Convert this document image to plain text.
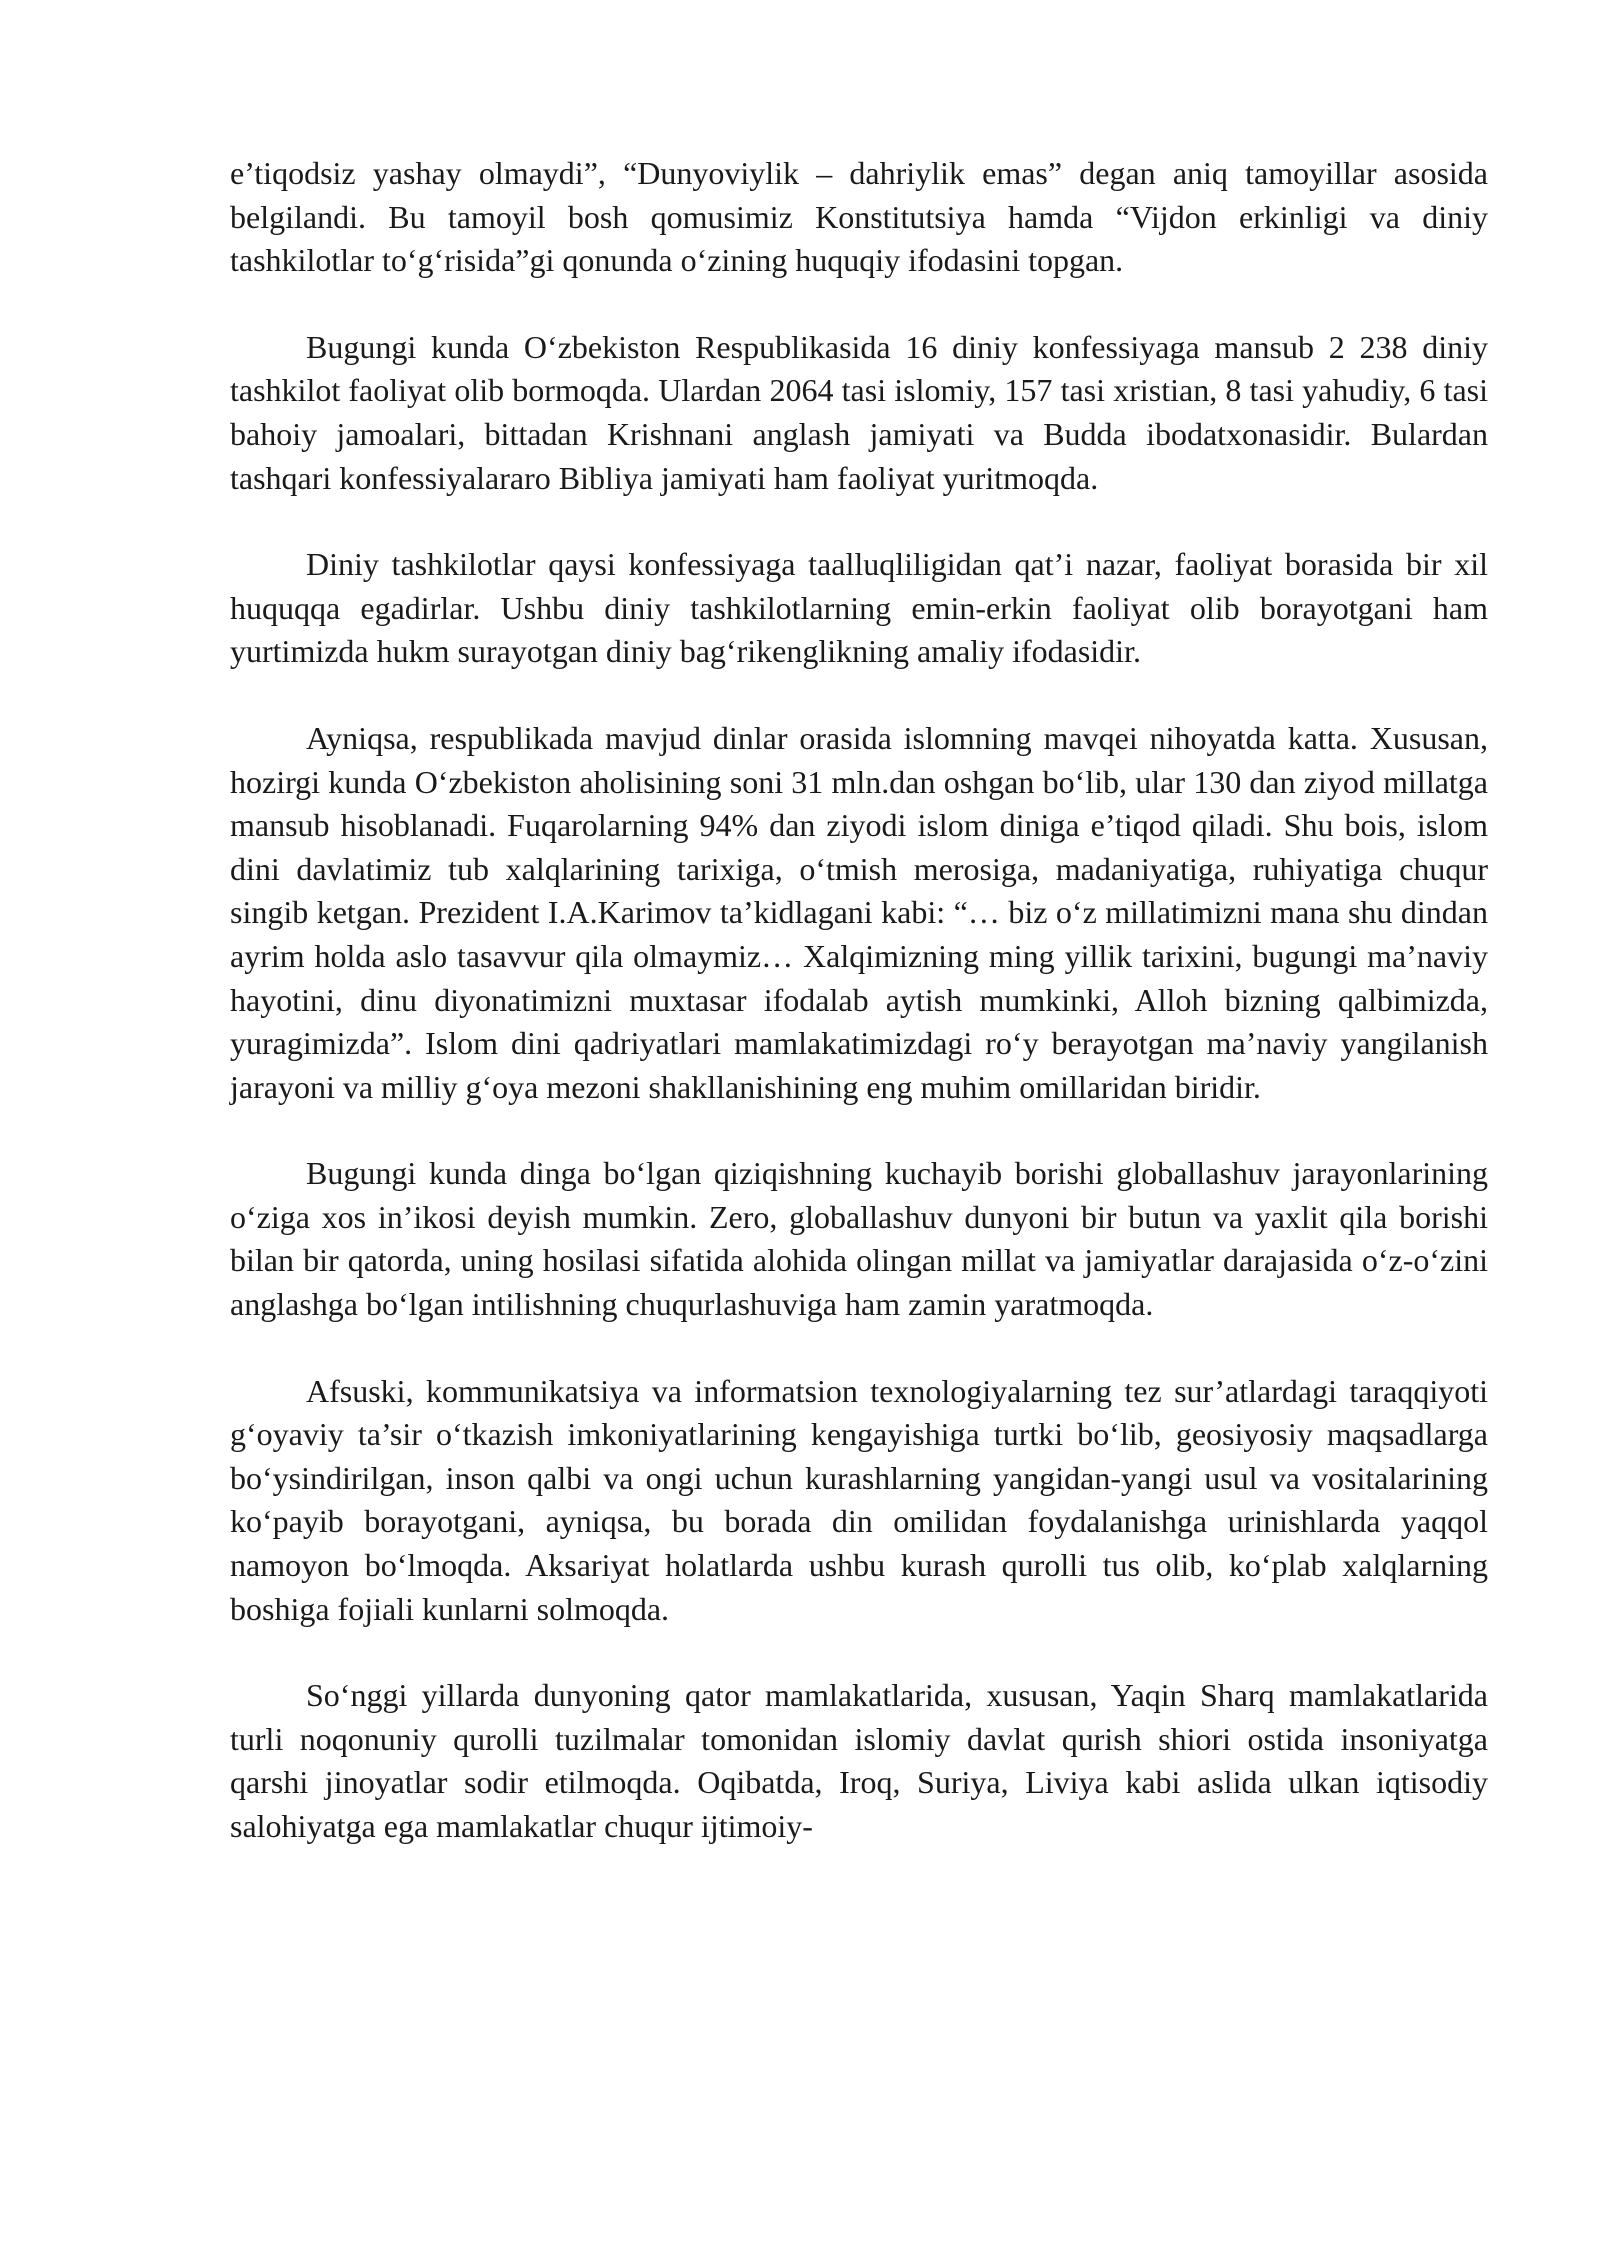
e’tiqodsiz yashay olmaydi”, “Dunyoviylik – dahriylik emas” degan aniq tamoyillar asosida belgilandi. Bu tamoyil bosh qomusimiz Konstitutsiya hamda “Vijdon erkinligi va diniy tashkilotlar to‘g‘risida”gi qonunda o‘zining huquqiy ifodasini topgan.

Bugungi kunda O‘zbekiston Respublikasida 16 diniy konfessiyaga mansub 2 238 diniy tashkilot faoliyat olib bormoqda. Ulardan 2064 tasi islomiy, 157 tasi xristian, 8 tasi yahudiy, 6 tasi bahoiy jamoalari, bittadan Krishnani anglash jamiyati va Budda ibodatxonasidir. Bulardan tashqari konfessiyalararo Bibliya jamiyati ham faoliyat yuritmoqda.

Diniy tashkilotlar qaysi konfessiyaga taalluqliligidan qat’i nazar, faoliyat borasida bir xil huquqqa egadirlar. Ushbu diniy tashkilotlarning emin-erkin faoliyat olib borayotgani ham yurtimizda hukm surayotgan diniy bag‘rikenglikning amaliy ifodasidir.

Ayniqsa, respublikada mavjud dinlar orasida islomning mavqei nihoyatda katta. Xususan, hozirgi kunda O‘zbekiston aholisining soni 31 mln.dan oshgan bo‘lib, ular 130 dan ziyod millatga mansub hisoblanadi. Fuqarolarning 94% dan ziyodi islom diniga e’tiqod qiladi. Shu bois, islom dini davlatimiz tub xalqlarining tarixiga, o‘tmish merosiga, madaniyatiga, ruhiyatiga chuqur singib ketgan. Prezident I.A.Karimov ta’kidlagani kabi: “… biz o‘z millatimizni mana shu dindan ayrim holda aslo tasavvur qila olmaymiz… Xalqimizning ming yillik tarixini, bugungi ma’naviy hayotini, dinu diyonatimizni muxtasar ifodalab aytish mumkinki, Alloh bizning qalbimizda, yuragimizda”. Islom dini qadriyatlari mamlakatimizdagi ro‘y berayotgan ma’naviy yangilanish jarayoni va milliy g‘oya mezoni shakllanishining eng muhim omillaridan biridir.

Bugungi kunda dinga bo‘lgan qiziqishning kuchayib borishi globallashuv jarayonlarining o‘ziga xos in’ikosi deyish mumkin. Zero, globallashuv dunyoni bir butun va yaxlit qila borishi bilan bir qatorda, uning hosilasi sifatida alohida olingan millat va jamiyatlar darajasida o‘z-o‘zini anglashga bo‘lgan intilishning chuqurlashuviga ham zamin yaratmoqda.

Afsuski, kommunikatsiya va informatsion texnologiyalarning tez sur’atlardagi taraqqiyoti g‘oyaviy ta’sir o‘tkazish imkoniyatlarining kengayishiga turtki bo‘lib, geosiyosiy maqsadlarga bo‘ysindirilgan, inson qalbi va ongi uchun kurashlarning yangidan-yangi usul va vositalarining ko‘payib borayotgani, ayniqsa, bu borada din omilidan foydalanishga urinishlarda yaqqol namoyon bo‘lmoqda. Aksariyat holatlarda ushbu kurash qurolli tus olib, ko‘plab xalqlarning boshiga fojiali kunlarni solmoqda.

So‘nggi yillarda dunyoning qator mamlakatlarida, xususan, Yaqin Sharq mamlakatlarida turli noqonuniy qurolli tuzilmalar tomonidan islomiy davlat qurish shiori ostida insoniyatga qarshi jinoyatlar sodir etilmoqda. Oqibatda, Iroq, Suriya, Liviya kabi aslida ulkan iqtisodiy salohiyatga ega mamlakatlar chuqur ijtimoiy-
